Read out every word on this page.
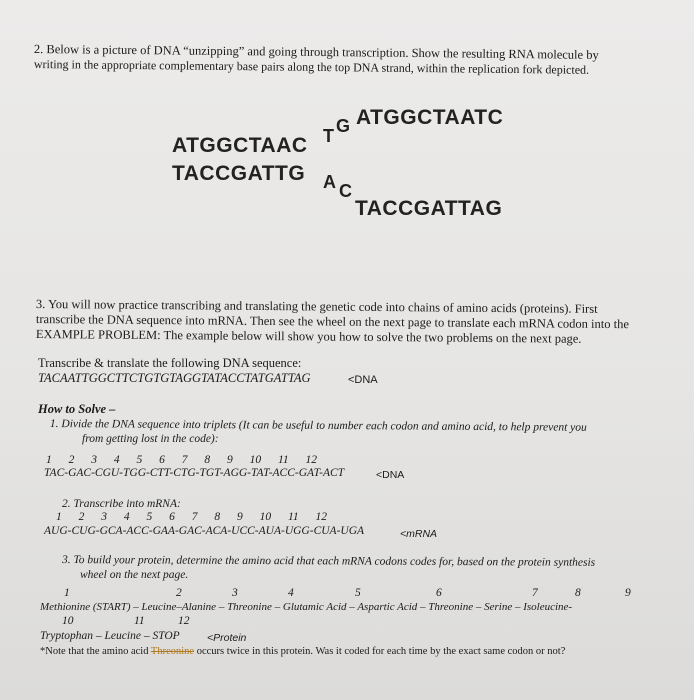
2. Below is a picture of DNA “unzipping” and going through transcription. Show the resulting RNA molecule by
writing in the appropriate complementary base pairs along the top DNA strand, within the replication fork depicted.
ATGGCTAAC T G ATGGCTAATC
TACCGATTG A C
TACCGATTAG
3. You will now practice transcribing and translating the genetic code into chains of amino acids (proteins). First
transcribe the DNA sequence into mRNA. Then see the wheel on the next page to translate each mRNA codon into the
EXAMPLE PROBLEM: The example below will show you how to solve the two problems on the next page.
Transcribe & translate the following DNA sequence:
TACAATTGGCTTCTGTGTAGGTATACCTATGATTAG	<DNA
How to Solve –
1. Divide the DNA sequence into triplets (It can be useful to number each codon and amino acid, to help prevent you
from getting lost in the code):
1 2 3 4 5 6 7 8 9 10 11 12
TAC-GAC-CGU-TGG-CTT-CTG-TGT-AGG-TAT-ACC-GAT-ACT	<DNA
2. Transcribe into mRNA:
1 2 3 4 5 6 7 8 9 10 11 12
AUG-CUG-GCA-ACC-GAA-GAC-ACA-UCC-AUA-UGG-CUA-UGA	<mRNA
3. To build your protein, determine the amino acid that each mRNA codons codes for, based on the protein synthesis
wheel on the next page.
1	2	3	4	5	6	7	8	9
Methionine (START) – Leucine–Alanine – Threonine – Glutamic Acid – Aspartic Acid – Threonine – Serine – Isoleucine-
10	11	12
Tryptophan – Leucine – STOP	<Protein
*Note that the amino acid Threonine occurs twice in this protein. Was it coded for each time by the exact same codon or not?
